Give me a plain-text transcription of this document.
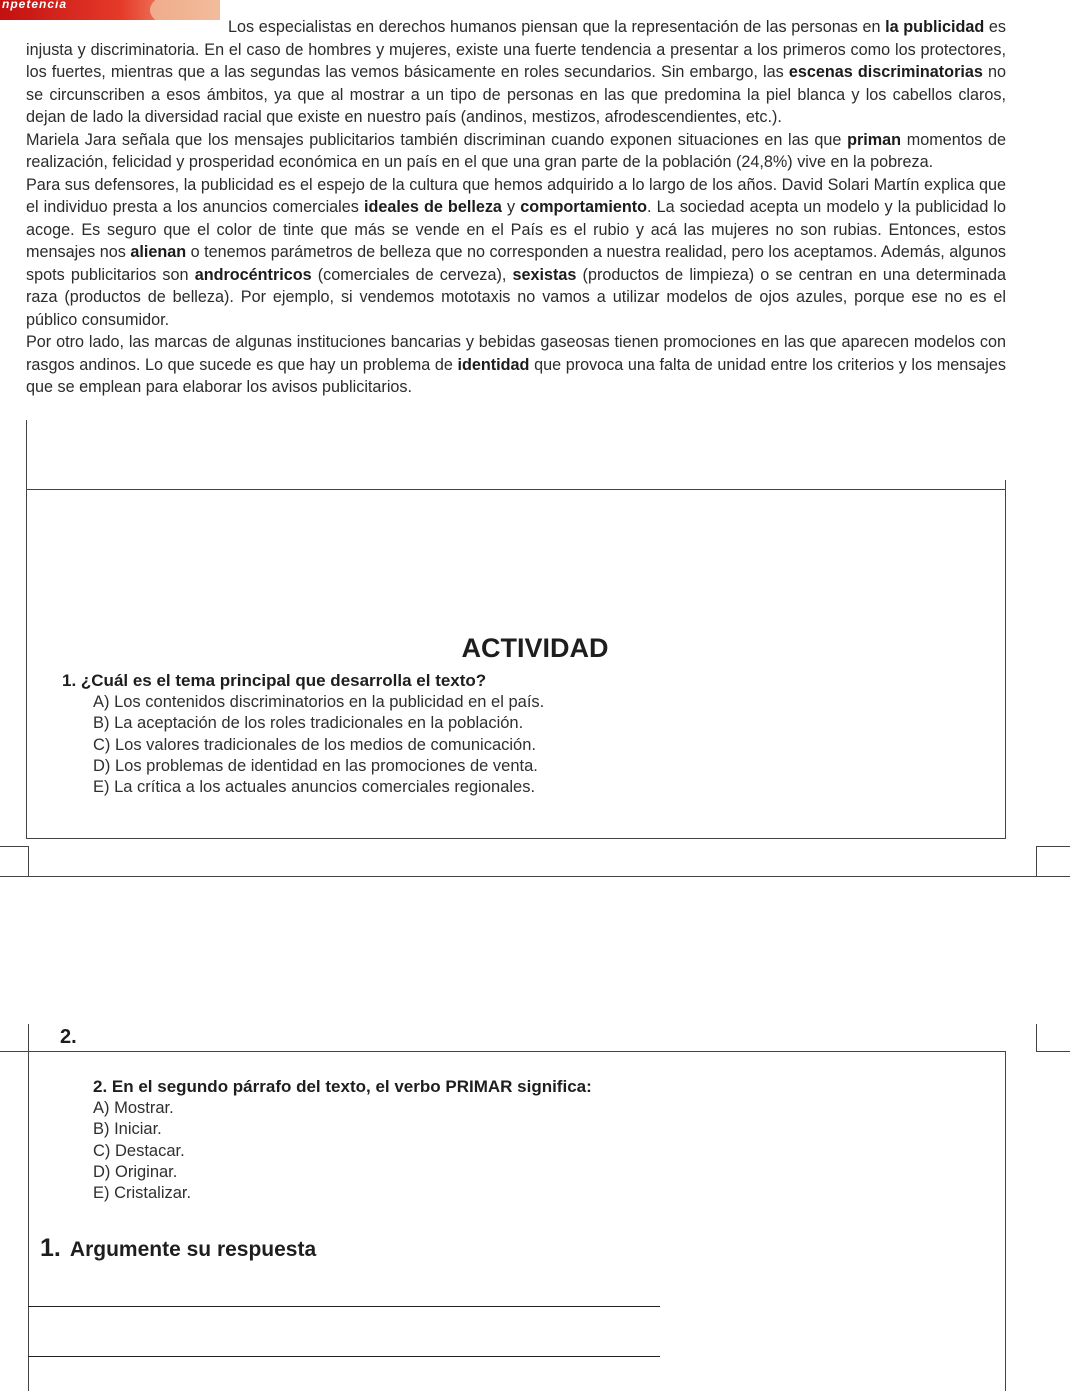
npetencia

Los especialistas en derechos humanos piensan que la representación de las personas en la publicidad es injusta y discriminatoria. En el caso de hombres y mujeres, existe una fuerte tendencia a presentar a los primeros como los protectores, los fuertes, mientras que a las segundas las vemos básicamente en roles secundarios. Sin embargo, las escenas discriminatorias no se circunscriben a esos ámbitos, ya que al mostrar a un tipo de personas en las que predomina la piel blanca y los cabellos claros, dejan de lado la diversidad racial que existe en nuestro país (andinos, mestizos, afrodescendientes, etc.).

Mariela Jara señala que los mensajes publicitarios también discriminan cuando exponen situaciones en las que priman momentos de realización, felicidad y prosperidad económica en un país en el que una gran parte de la población (24,8%) vive en la pobreza.

Para sus defensores, la publicidad es el espejo de la cultura que hemos adquirido a lo largo de los años. David Solari Martín explica que el individuo presta a los anuncios comerciales ideales de belleza y comportamiento. La sociedad acepta un modelo y la publicidad lo acoge. Es seguro que el color de tinte que más se vende en el País es el rubio y acá las mujeres no son rubias. Entonces, estos mensajes nos alienan o tenemos parámetros de belleza que no corresponden a nuestra realidad, pero los aceptamos. Además, algunos spots publicitarios son androcéntricos (comerciales de cerveza), sexistas (productos de limpieza) o se centran en una determinada raza (productos de belleza). Por ejemplo, si vendemos mototaxis no vamos a utilizar modelos de ojos azules, porque ese no es el público consumidor.

Por otro lado, las marcas de algunas instituciones bancarias y bebidas gaseosas tienen promociones en las que aparecen modelos con rasgos andinos. Lo que sucede es que hay un problema de identidad que provoca una falta de unidad entre los criterios y los mensajes que se emplean para elaborar los avisos publicitarios.

ACTIVIDAD
1. ¿Cuál es el tema principal que desarrolla el texto?
A) Los contenidos discriminatorios en la publicidad en el país.
B) La aceptación de los roles tradicionales en la población.
C) Los valores tradicionales de los medios de comunicación.
D) Los problemas de identidad en las promociones de venta.
E) La crítica a los actuales anuncios comerciales regionales.
2.
2. En el segundo párrafo del texto, el verbo PRIMAR significa:
A) Mostrar.
B) Iniciar.
C) Destacar.
D) Originar.
E) Cristalizar.
1. Argumente su respuesta
